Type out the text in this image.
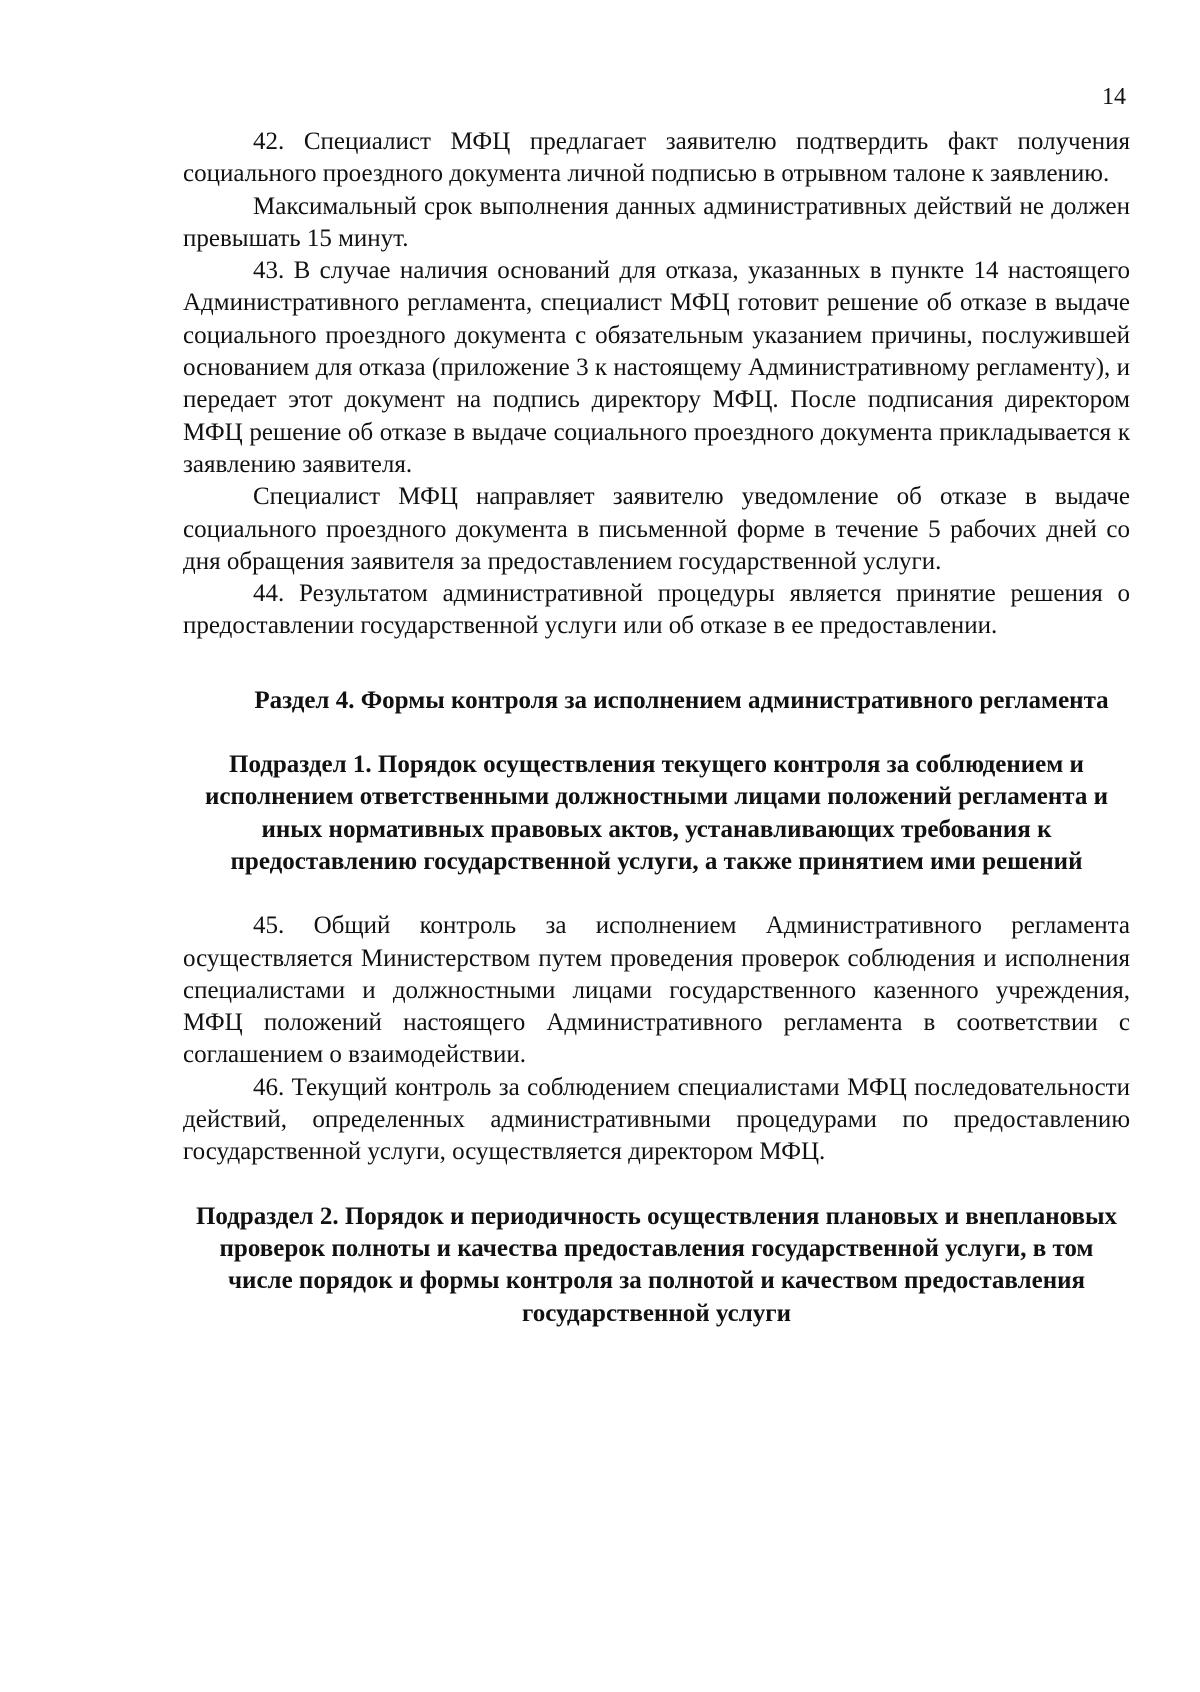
14

42. Специалист МФЦ предлагает заявителю подтвердить факт получения социального проездного документа личной подписью в отрывном талоне к заявлению.

Максимальный срок выполнения данных административных действий не должен превышать 15 минут.

43. В случае наличия оснований для отказа, указанных в пункте 14 настоящего Административного регламента, специалист МФЦ готовит решение об отказе в выдаче социального проездного документа с обязательным указанием причины, послужившей основанием для отказа (приложение 3 к настоящему Административному регламенту), и передает этот документ на подпись директору МФЦ. После подписания директором МФЦ решение об отказе в выдаче социального проездного документа прикладывается к заявлению заявителя.

Специалист МФЦ направляет заявителю уведомление об отказе в выдаче социального проездного документа в письменной форме в течение 5 рабочих дней со дня обращения заявителя за предоставлением государственной услуги.

44. Результатом административной процедуры является принятие решения о предоставлении государственной услуги или об отказе в ее предоставлении.

Раздел 4. Формы контроля за исполнением административного регламента
Подраздел 1. Порядок осуществления текущего контроля за соблюдением и исполнением ответственными должностными лицами положений регламента и иных нормативных правовых актов, устанавливающих требования к предоставлению государственной услуги, а также принятием ими решений

45. Общий контроль за исполнением Административного регламента осуществляется Министерством путем проведения проверок соблюдения и исполнения специалистами и должностными лицами государственного казенного учреждения, МФЦ положений настоящего Административного регламента в соответствии с соглашением о взаимодействии.

46. Текущий контроль за соблюдением специалистами МФЦ последовательности действий, определенных административными процедурами по предоставлению государственной услуги, осуществляется директором МФЦ.

Подраздел 2. Порядок и периодичность осуществления плановых и внеплановых проверок полноты и качества предоставления государственной услуги, в том числе порядок и формы контроля за полнотой и качеством предоставления государственной услуги
